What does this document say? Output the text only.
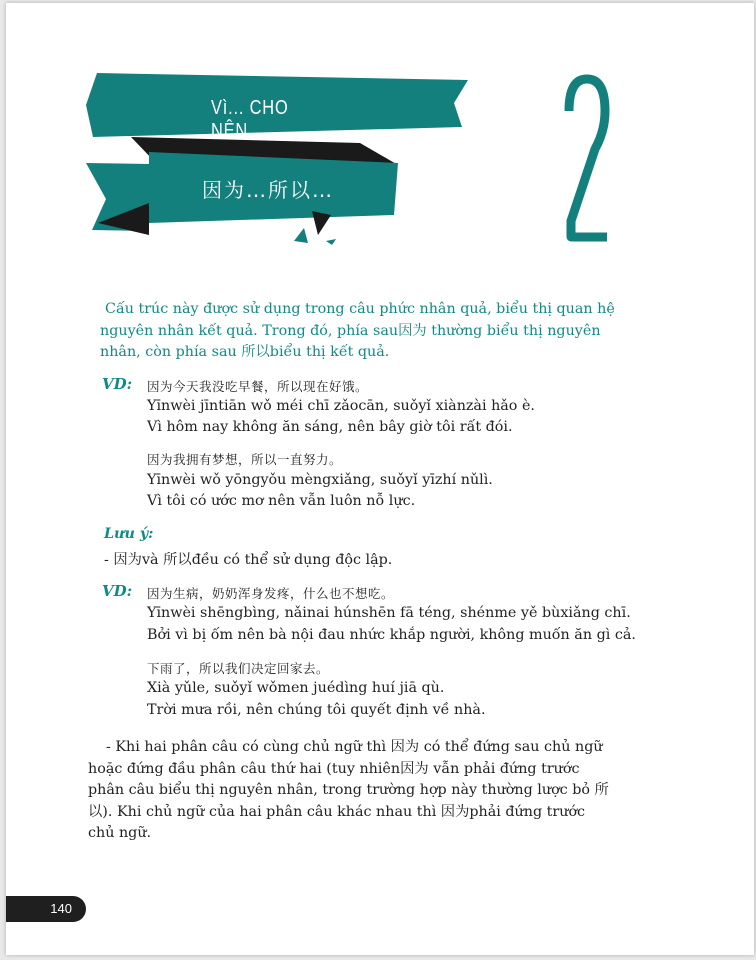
Vì... CHO NÊN...
因为…所以…
Cấu trúc này được sử dụng trong câu phức nhân quả, biểu thị quan hệ nguyên nhân kết quả. Trong đó, phía sau因为 thường biểu thị nguyên nhân, còn phía sau 所以biểu thị kết quả.
VD: 因为今天我没吃早餐，所以现在好饿。
Yīnwèi jīntiān wǒ méi chī zǎocān, suǒyǐ xiànzài hǎo è.
Vì hôm nay không ăn sáng, nên bây giờ tôi rất đói.
因为我拥有梦想，所以一直努力。
Yīnwèi wǒ yōngyǒu mèngxiǎng, suǒyǐ yīzhí nǔlì.
Vì tôi có ước mơ nên vẫn luôn nỗ lực.
Lưu ý:
- 因为và 所以đều có thể sử dụng độc lập.
VD: 因为生病，奶奶浑身发疼，什么也不想吃。
Yīnwèi shēngbìng, nǎinai húnshēn fā téng, shénme yě bùxiǎng chī.
Bởi vì bị ốm nên bà nội đau nhức khắp người, không muốn ăn gì cả.
下雨了，所以我们决定回家去。
Xià yǔle, suǒyǐ wǒmen juédìng huí jiā qù.
Trời mưa rồi, nên chúng tôi quyết định về nhà.
- Khi hai phân câu có cùng chủ ngữ thì 因为 có thể đứng sau chủ ngữ hoặc đứng đầu phân câu thứ hai (tuy nhiên因为 vẫn phải đứng trước phân câu biểu thị nguyên nhân, trong trường hợp này thường lược bỏ 所以). Khi chủ ngữ của hai phân câu khác nhau thì 因为phải đứng trước chủ ngữ.
140
